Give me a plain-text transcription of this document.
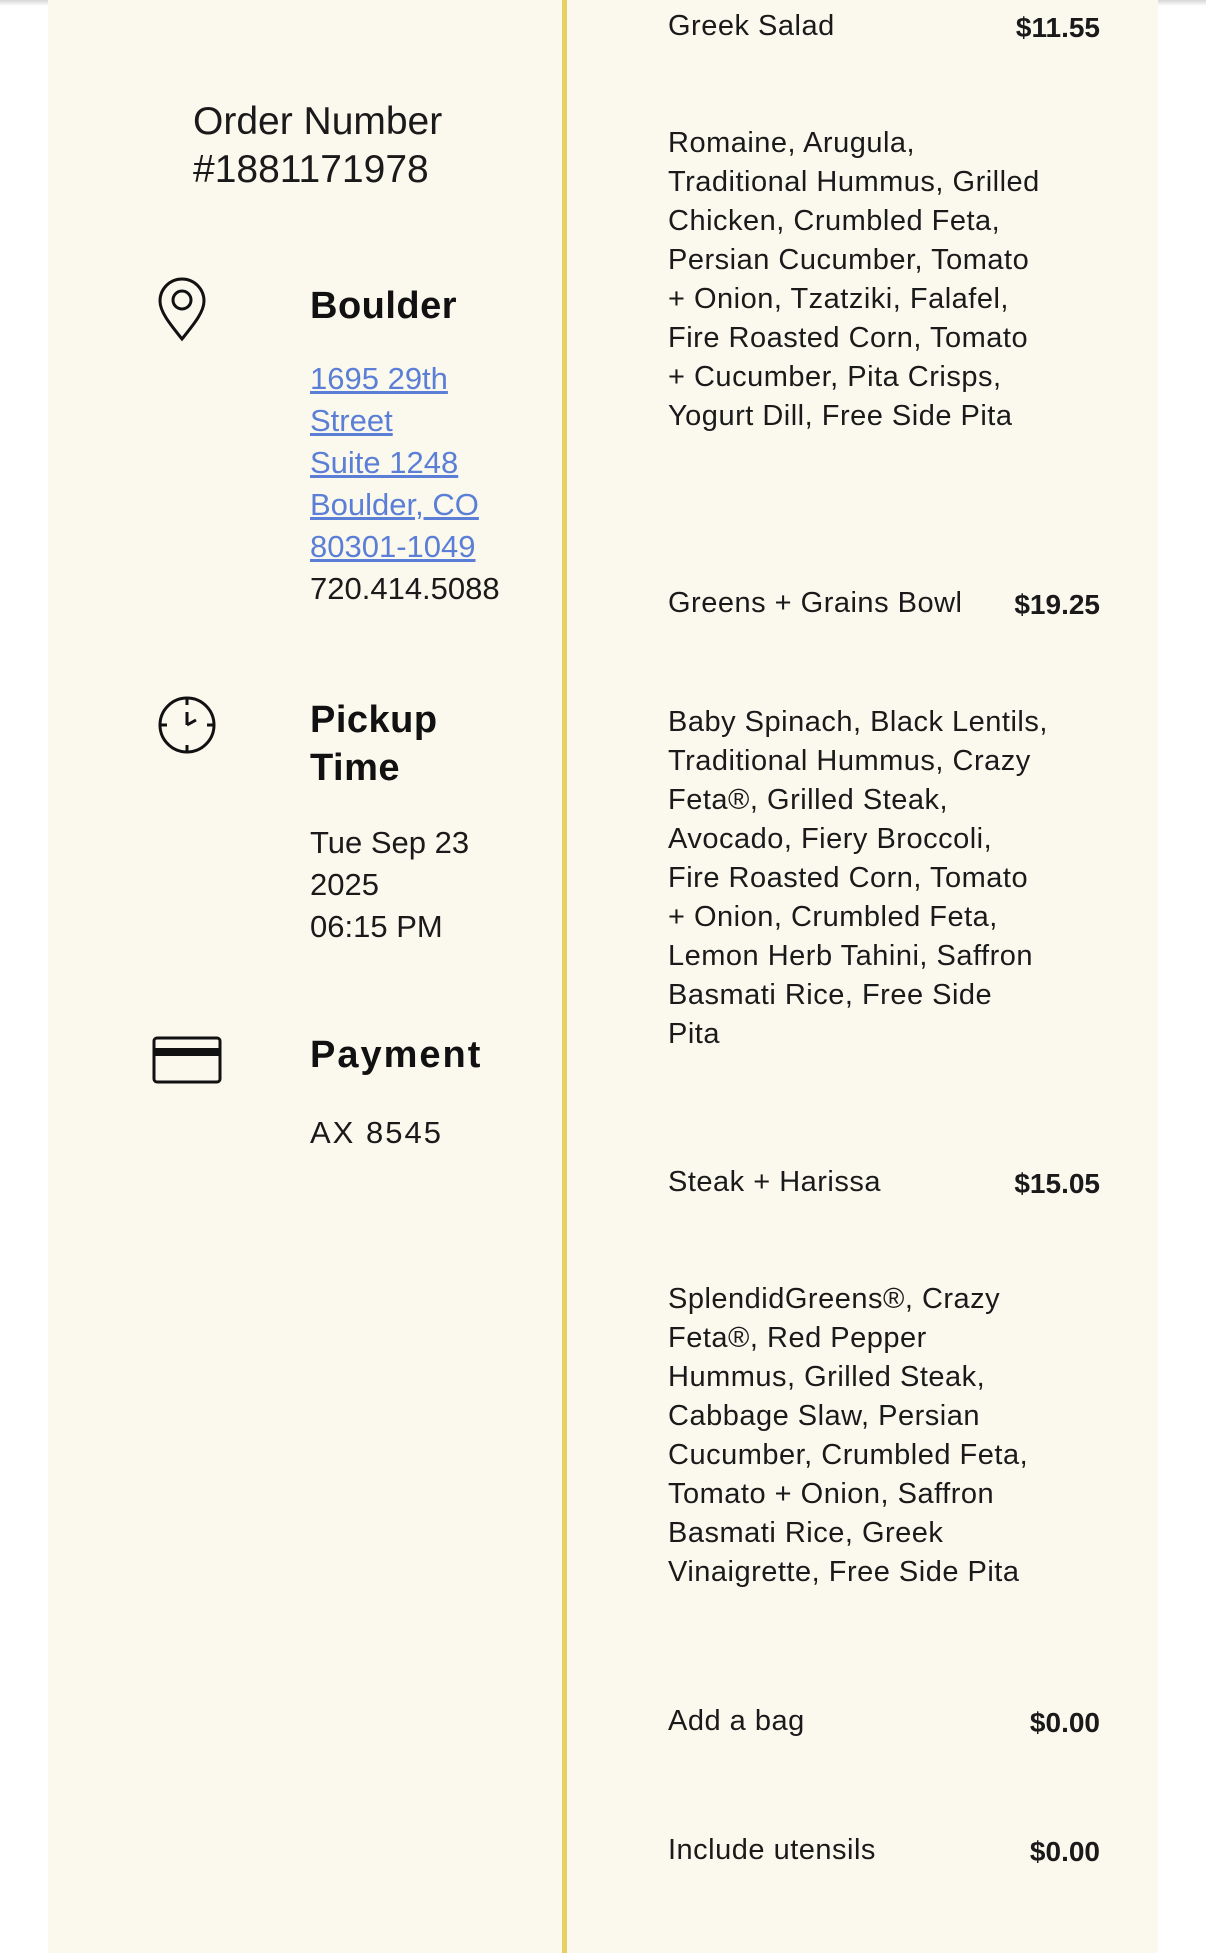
Order Number
#1881171978
Boulder
1695 29th
Street
Suite 1248
Boulder, CO
80301-1049
720.414.5088
Pickup
Time
Tue Sep 23
2025
06:15 PM
Payment
AX 8545
Greek Salad	$11.55
Romaine, Arugula, Traditional Hummus, Grilled Chicken, Crumbled Feta, Persian Cucumber, Tomato + Onion, Tzatziki, Falafel, Fire Roasted Corn, Tomato + Cucumber, Pita Crisps, Yogurt Dill, Free Side Pita
Greens + Grains Bowl	$19.25
Baby Spinach, Black Lentils, Traditional Hummus, Crazy Feta®, Grilled Steak, Avocado, Fiery Broccoli, Fire Roasted Corn, Tomato + Onion, Crumbled Feta, Lemon Herb Tahini, Saffron Basmati Rice, Free Side Pita
Steak + Harissa	$15.05
SplendidGreens®, Crazy Feta®, Red Pepper Hummus, Grilled Steak, Cabbage Slaw, Persian Cucumber, Crumbled Feta, Tomato + Onion, Saffron Basmati Rice, Greek Vinaigrette, Free Side Pita
Add a bag	$0.00
Include utensils	$0.00
